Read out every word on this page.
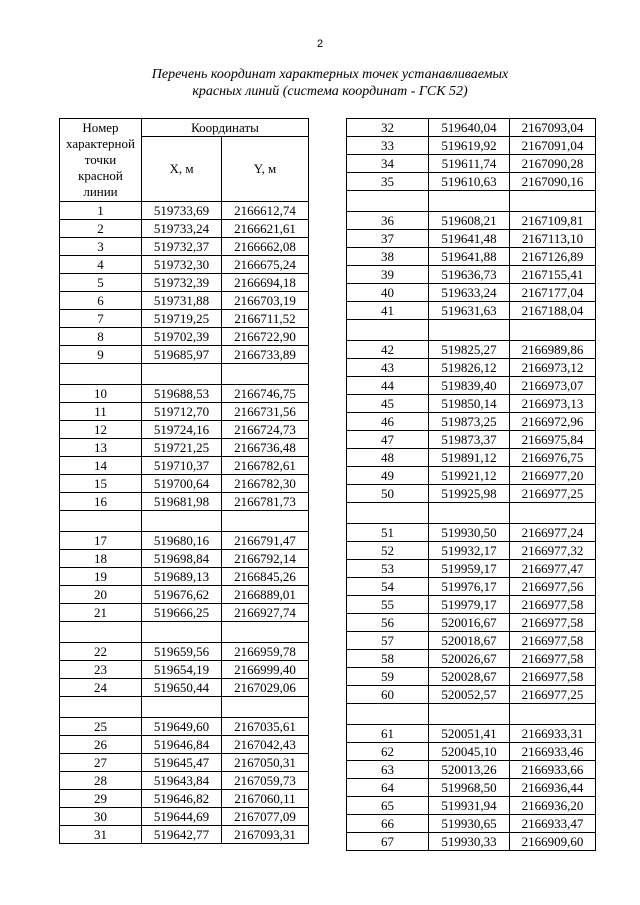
2
Перечень координат характерных точек устанавливаемых
красных линий (система координат - ГСК 52)
Номер характерной точки красной линии	Координаты	
	X, м	Y, м
1	519733,69	2166612,74
2	519733,24	2166621,61
3	519732,37	2166662,08
4	519732,30	2166675,24
5	519732,39	2166694,18
6	519731,88	2166703,19
7	519719,25	2166711,52
8	519702,39	2166722,90
9	519685,97	2166733,89

10	519688,53	2166746,75
11	519712,70	2166731,56
12	519724,16	2166724,73
13	519721,25	2166736,48
14	519710,37	2166782,61
15	519700,64	2166782,30
16	519681,98	2166781,73

17	519680,16	2166791,47
18	519698,84	2166792,14
19	519689,13	2166845,26
20	519676,62	2166889,01
21	519666,25	2166927,74

22	519659,56	2166959,78
23	519654,19	2166999,40
24	519650,44	2167029,06

25	519649,60	2167035,61
26	519646,84	2167042,43
27	519645,47	2167050,31
28	519643,84	2167059,73
29	519646,82	2167060,11
30	519644,69	2167077,09
31	519642,77	2167093,31
32	519640,04	2167093,04
33	519619,92	2167091,04
34	519611,74	2167090,28
35	519610,63	2167090,16

36	519608,21	2167109,81
37	519641,48	2167113,10
38	519641,88	2167126,89
39	519636,73	2167155,41
40	519633,24	2167177,04
41	519631,63	2167188,04

42	519825,27	2166989,86
43	519826,12	2166973,12
44	519839,40	2166973,07
45	519850,14	2166973,13
46	519873,25	2166972,96
47	519873,37	2166975,84
48	519891,12	2166976,75
49	519921,12	2166977,20
50	519925,98	2166977,25

51	519930,50	2166977,24
52	519932,17	2166977,32
53	519959,17	2166977,47
54	519976,17	2166977,56
55	519979,17	2166977,58
56	520016,67	2166977,58
57	520018,67	2166977,58
58	520026,67	2166977,58
59	520028,67	2166977,58
60	520052,57	2166977,25

61	520051,41	2166933,31
62	520045,10	2166933,46
63	520013,26	2166933,66
64	519968,50	2166936,44
65	519931,94	2166936,20
66	519930,65	2166933,47
67	519930,33	2166909,60
